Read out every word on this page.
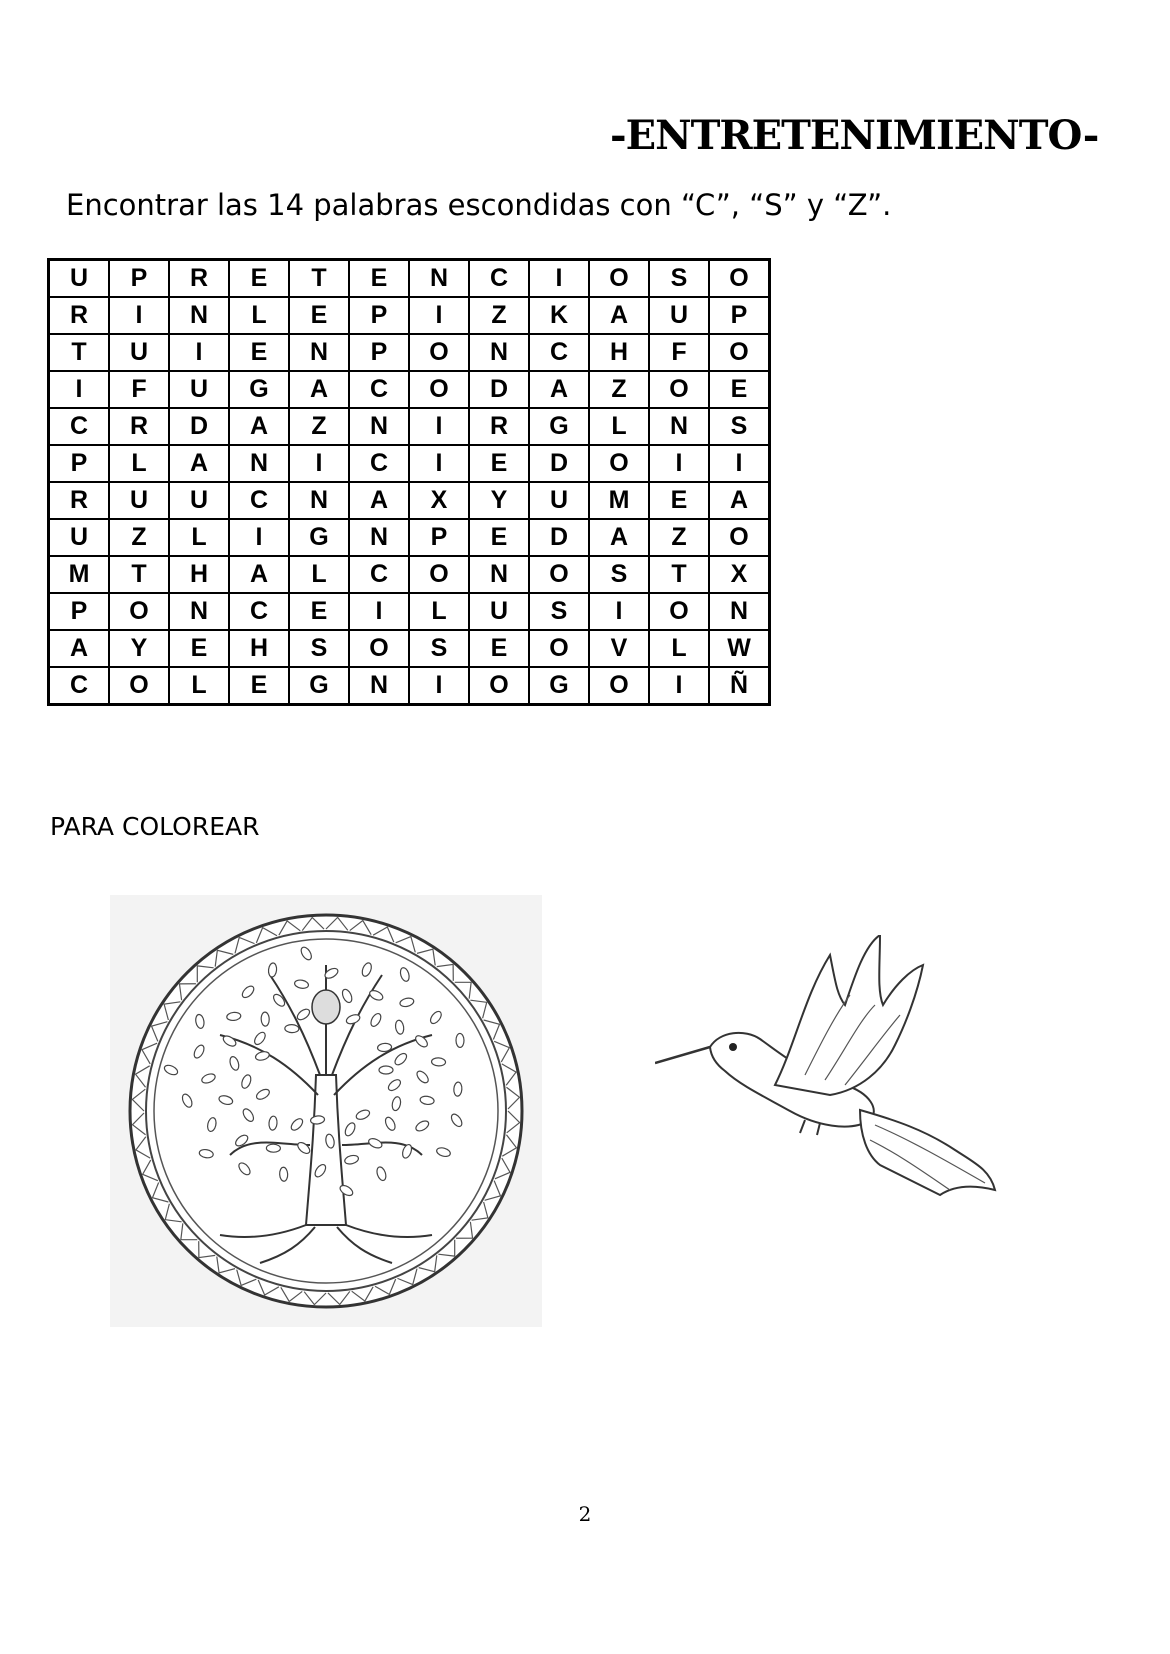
-ENTRETENIMIENTO-
Encontrar las 14 palabras escondidas con “C”, “S” y “Z”.
U	P	R	E	T	E	N	C	I	O	S	O
R	I	N	L	E	P	I	Z	K	A	U	P
T	U	I	E	N	P	O	N	C	H	F	O
I	F	U	G	A	C	O	D	A	Z	O	E
C	R	D	A	Z	N	I	R	G	L	N	S
P	L	A	N	I	C	I	E	D	O	I	I
R	U	U	C	N	A	X	Y	U	M	E	A
U	Z	L	I	G	N	P	E	D	A	Z	O
M	T	H	A	L	C	O	N	O	S	T	X
P	O	N	C	E	I	L	U	S	I	O	N
A	Y	E	H	S	O	S	E	O	V	L	W
C	O	L	E	G	N	I	O	G	O	I	Ñ
PARA COLOREAR
2
